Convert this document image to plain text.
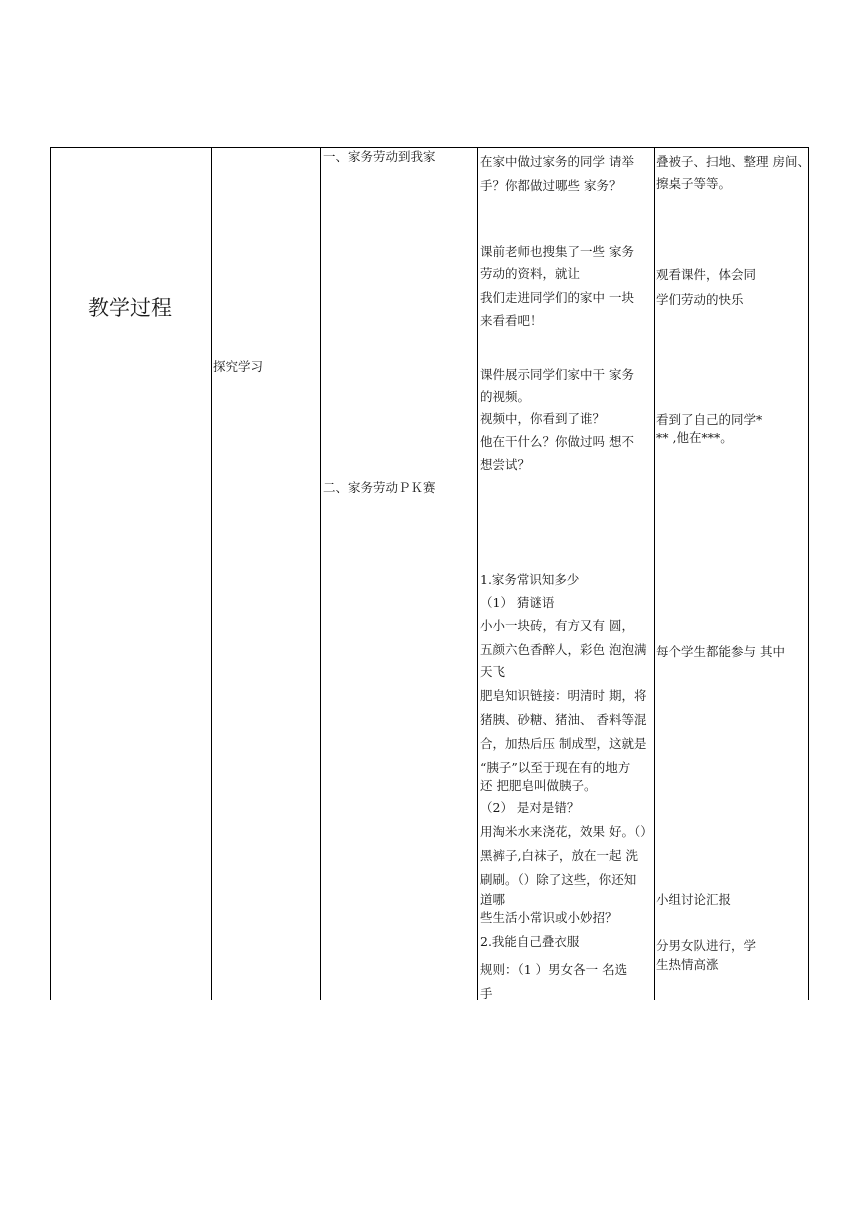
教学过程
探究学习
一、家务劳动到我家
二、家务劳动ＰＫ赛
在家中做过家务的同学 请举
手？你都做过哪些 家务？
课前老师也搜集了一些 家务
劳动的资料，就让
我们走进同学们的家中 一块
来看看吧！
课件展示同学们家中干 家务
的视频。
视频中，你看到了谁？
他在干什么？你做过吗 想不
想尝试？
1.家务常识知多少
（1） 猜谜语
小小一块砖，有方又有 圆，
五颜六色香醉人，彩色 泡泡满
天飞
肥皂知识链接：明清时 期，将
猪胰、砂糖、猪油、 香料等混
合，加热后压 制成型，这就是
“胰子”以至于现在有的地方
还 把肥皂叫做胰子。
（2） 是对是错？
用淘米水来浇花，效果 好。（）
黑裤子,白袜子，放在一起 洗
刷刷。（）除了这些，你还知
道哪
些生活小常识或小妙招？
2.我能自己叠衣服
规则：（1 ）男女各一 名选
手
叠被子、扫地、整理 房间、
擦桌子等等。
观看课件，体会同
学们劳动的快乐
看到了自己的同学*
** ,他在***。
每个学生都能参与 其中
小组讨论汇报
分男女队进行，学
生热情高涨
